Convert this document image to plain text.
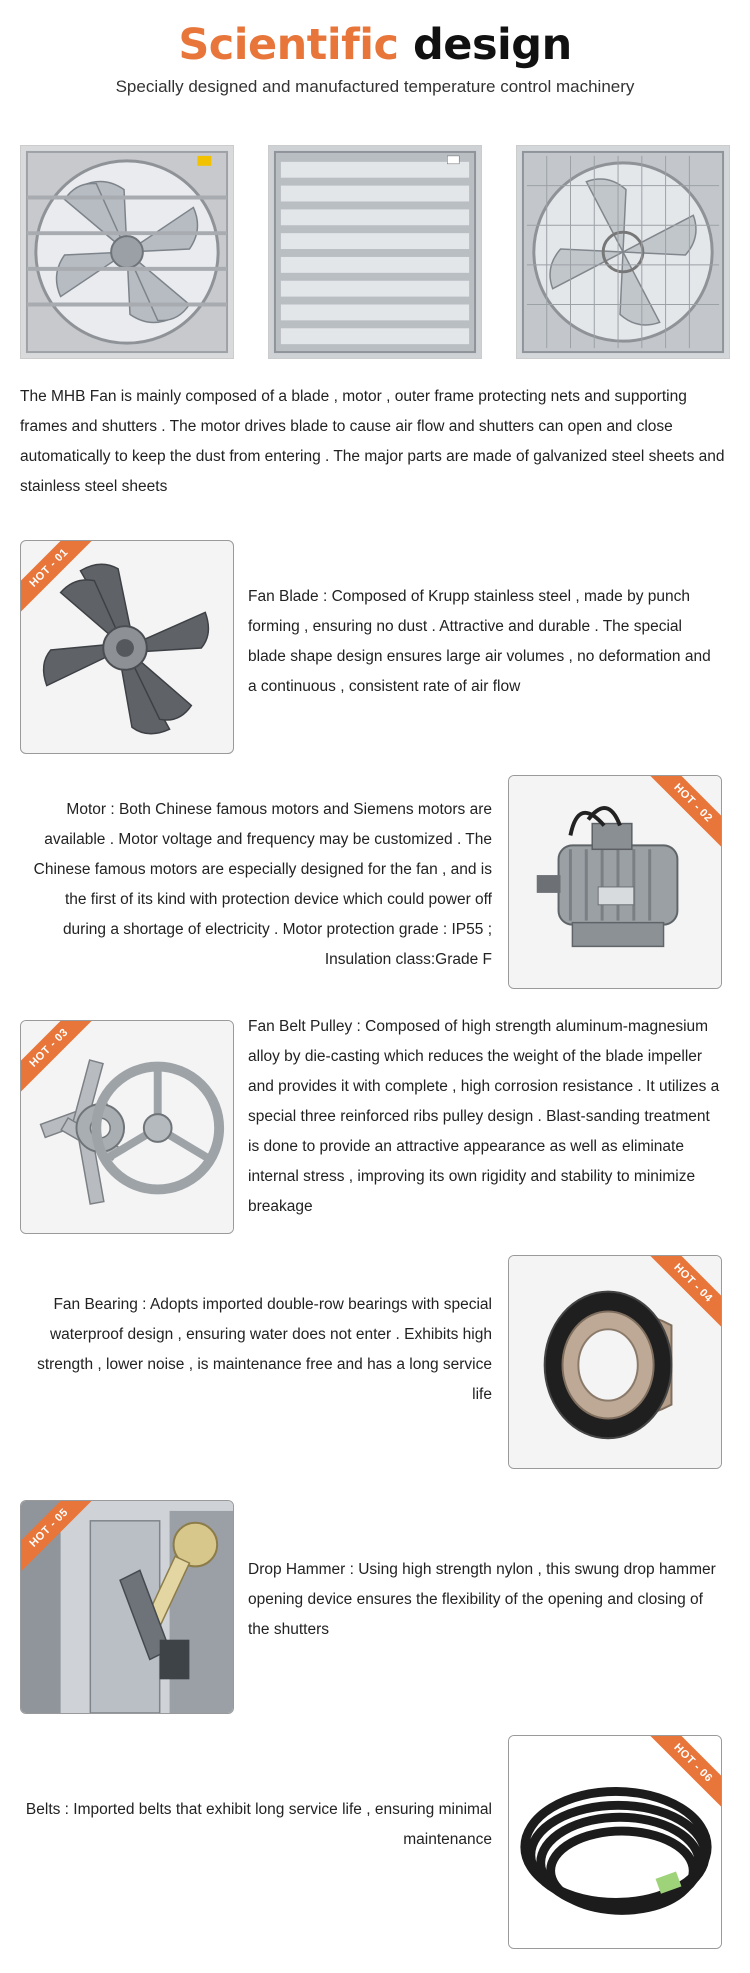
Scientific design
Specially designed and manufactured temperature control machinery
The MHB Fan is mainly composed of a blade , motor , outer frame protecting nets and supporting frames and shutters . The motor drives blade to cause air flow and shutters can open and close automatically to keep the dust from entering . The major parts are made of galvanized steel sheets and stainless steel sheets
HOT - 01
Fan Blade : Composed of Krupp stainless steel , made by punch forming , ensuring no dust . Attractive and durable . The special blade shape design ensures large air volumes , no deformation and a continuous , consistent rate of air flow
Motor : Both Chinese famous motors and Siemens motors are available . Motor voltage and frequency may be customized . The Chinese famous motors are especially designed for the fan , and is the first of its kind with protection device which could power off during a shortage of electricity . Motor protection grade : IP55 ; Insulation class:Grade F
HOT - 02
HOT - 03	Fan Belt Pulley : Composed of high strength aluminum-magnesium alloy by die-casting which reduces the weight of the blade impeller and provides it with complete , high corrosion resistance . It utilizes a special three reinforced ribs pulley design . Blast-sanding treatment is done to provide an attractive appearance as well as eliminate internal stress , improving its own rigidity and stability to minimize breakage
Fan Bearing : Adopts imported double-row bearings with special waterproof design , ensuring water does not enter . Exhibits high strength , lower noise , is maintenance free and has a long service life
HOT - 04
HOT - 05
Drop Hammer : Using high strength nylon , this swung drop hammer opening device ensures the flexibility of the opening and closing of the shutters
Belts : Imported belts that exhibit long service life , ensuring minimal maintenance
HOT - 06
